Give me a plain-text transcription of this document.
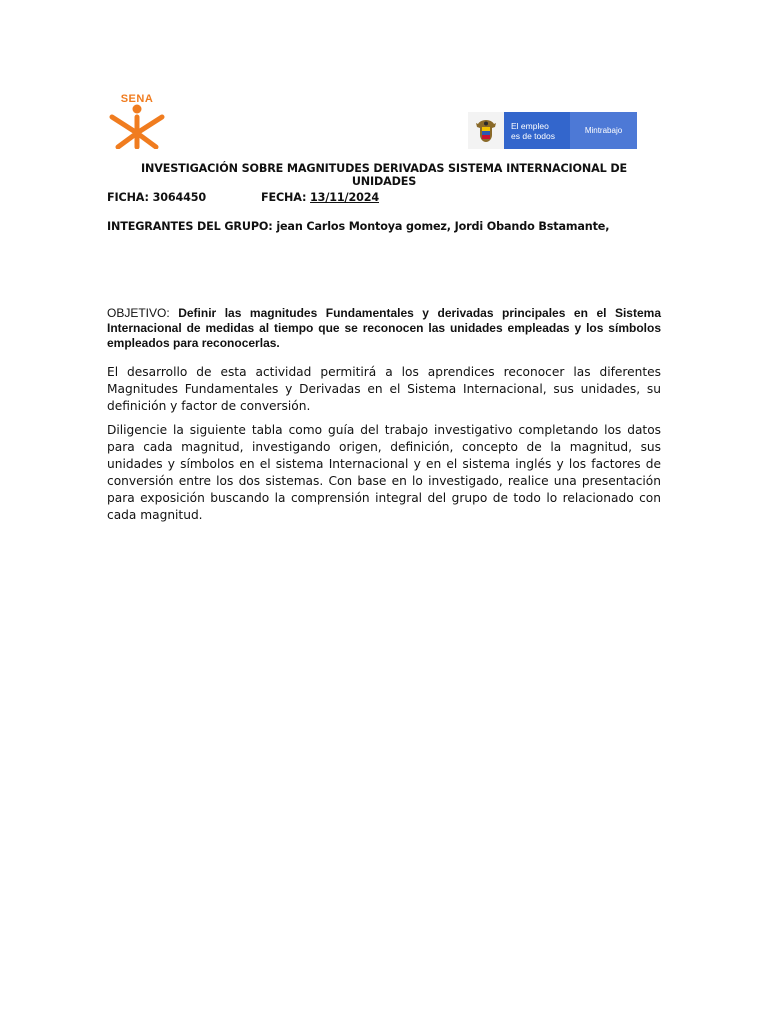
SENA
El empleo
es de todos	Mintrabajo
INVESTIGACIÓN SOBRE MAGNITUDES DERIVADAS SISTEMA INTERNACIONAL DE UNIDADES
FICHA: 3064450	FECHA: 13/11/2024
INTEGRANTES DEL GRUPO: jean Carlos Montoya gomez, Jordi Obando Bstamante,
OBJETIVO: Definir las magnitudes Fundamentales y derivadas principales en el Sistema Internacional de medidas al tiempo que se reconocen las unidades empleadas y los símbolos empleados para reconocerlas.
El desarrollo de esta actividad permitirá a los aprendices reconocer las diferentes Magnitudes Fundamentales y Derivadas en el Sistema Internacional, sus unidades, su definición y factor de conversión.
Diligencie la siguiente tabla como guía del trabajo investigativo completando los datos para cada magnitud, investigando origen, definición, concepto de la magnitud, sus unidades y símbolos en el sistema Internacional y en el sistema inglés y los factores de conversión entre los dos sistemas. Con base en lo investigado, realice una presentación para exposición buscando la comprensión integral del grupo de todo lo relacionado con cada magnitud.
